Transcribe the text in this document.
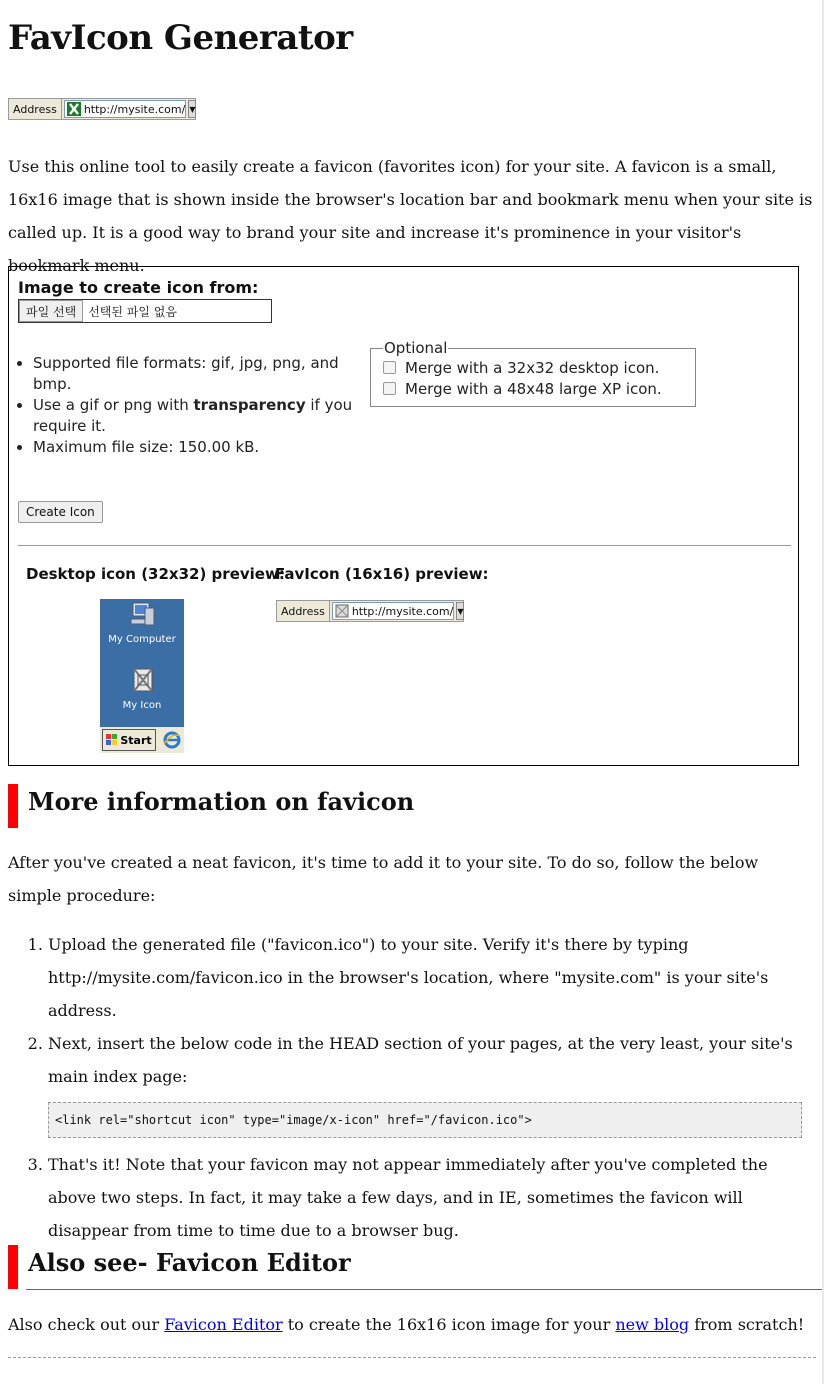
FavIcon Generator
Address	http://mysite.com/ ▼

Use this online tool to easily create a favicon (favorites icon) for your site. A favicon is a small, 16x16 image that is shown inside the browser's location bar and bookmark menu when your site is called up. It is a good way to brand your site and increase it's prominence in your visitor's bookmark menu.

Image to create icon from:
파일 선택	선택된 파일 없음
• Supported file formats: gif, jpg, png, and bmp.
• Use a gif or png with transparency if you require it.
• Maximum file size: 150.00 kB.
Optional
Merge with a 32x32 desktop icon.
Merge with a 48x48 large XP icon.
Create Icon
Desktop icon (32x32) preview:
FavIcon (16x16) preview:
My Computer
My Icon
Start
Address	http://mysite.com/ ▼
More information on favicon

After you've created a neat favicon, it's time to add it to your site. To do so, follow the below simple procedure:

1. Upload the generated file ("favicon.ico") to your site. Verify it's there by typing http://mysite.com/favicon.ico in the browser's location, where "mysite.com" is your site's address.
2. Next, insert the below code in the HEAD section of your pages, at the very least, your site's main index page:
<link rel="shortcut icon" type="image/x-icon" href="/favicon.ico">
3. That's it! Note that your favicon may not appear immediately after you've completed the above two steps. In fact, it may take a few days, and in IE, sometimes the favicon will disappear from time to time due to a browser bug.
Also see- Favicon Editor

Also check out our Favicon Editor to create the 16x16 icon image for your new blog from scratch!
